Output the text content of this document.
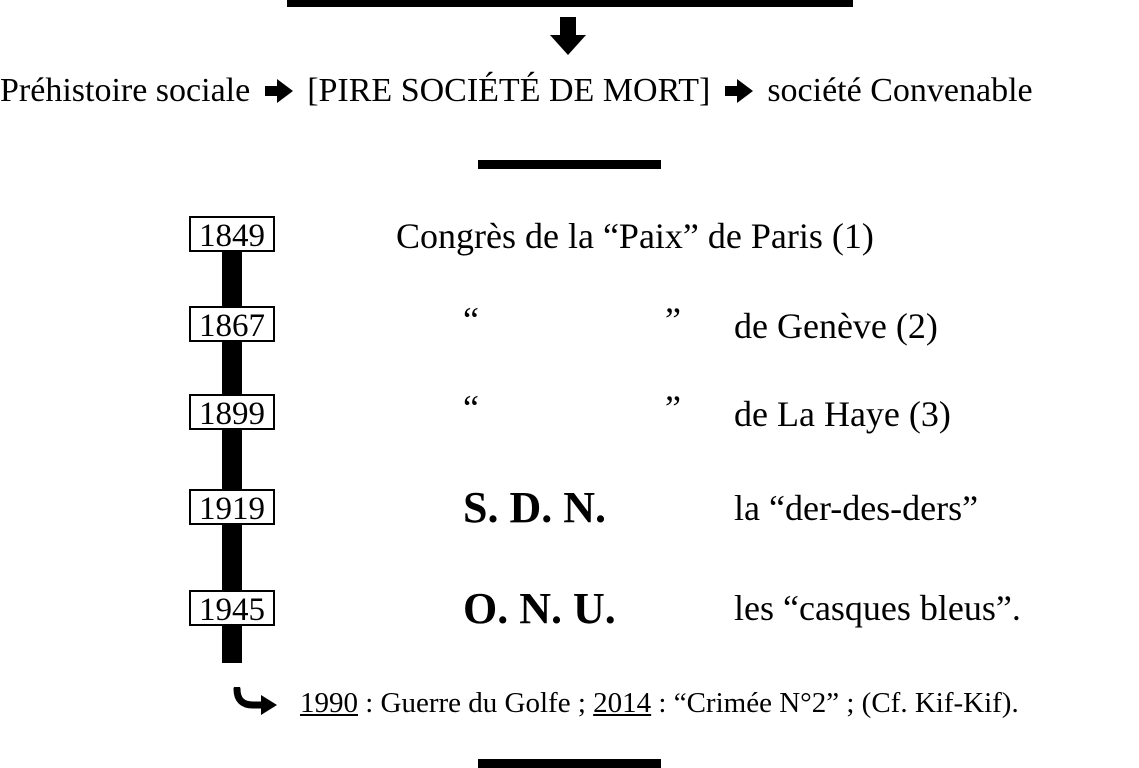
Préhistoire sociale [PIRE SOCIÉTÉ DE MORT] société Convenable
1849	Congrès de la “Paix” de Paris (1)
1867	“	” de Genève (2)
1899	“	” de La Haye (3)
1919	S. D. N.	la “der-des-ders”
1945	O. N. U.	les “casques bleus”.
1990 : Guerre du Golfe ; 2014 : “Crimée N°2” ; (Cf. Kif-Kif).
